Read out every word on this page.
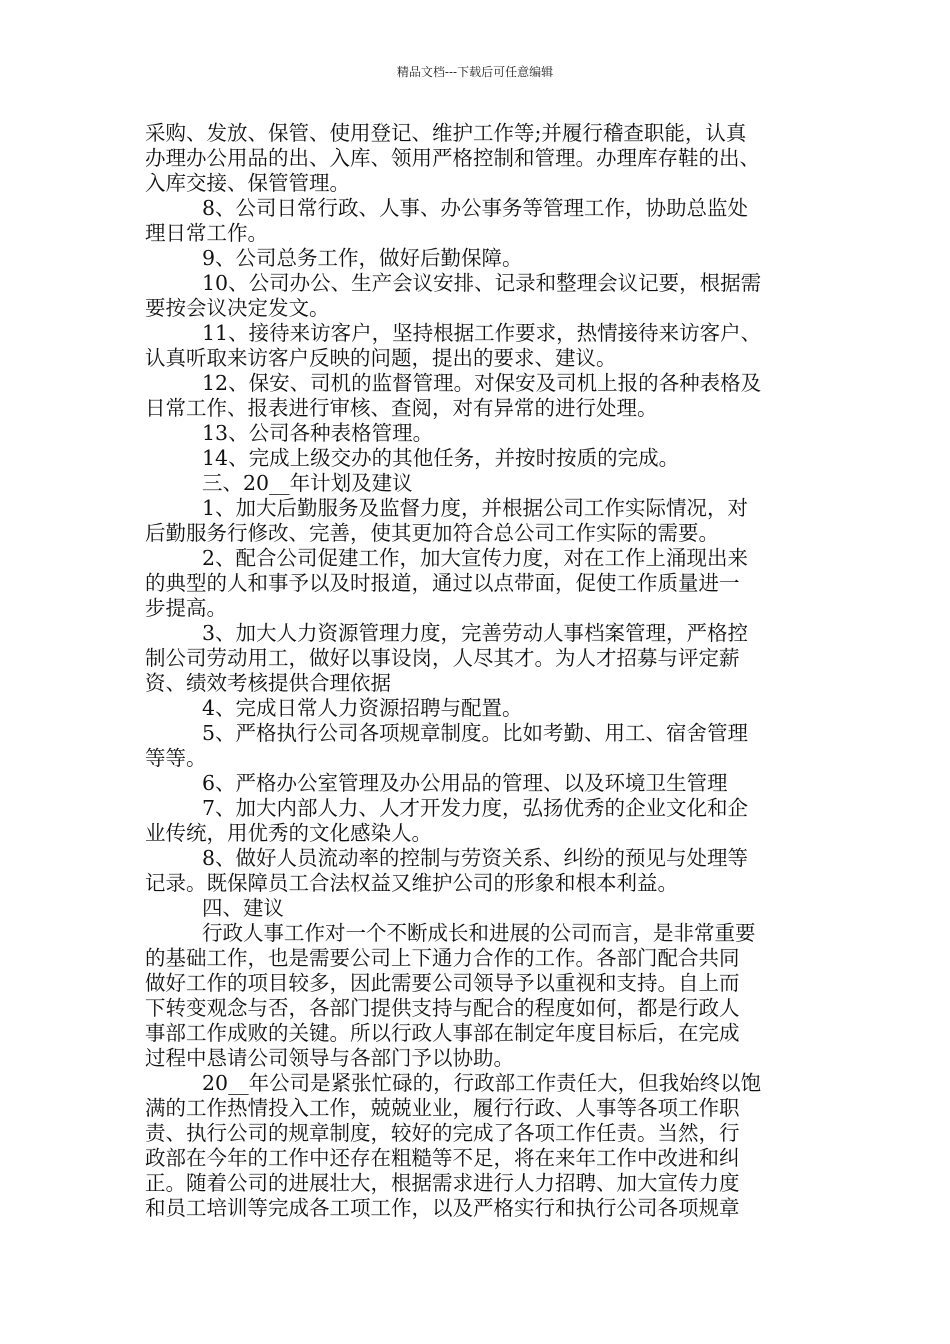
精品文档---下载后可任意编辑
采购、发放、保管、使用登记、维护工作等;并履行稽查职能，认真
办理办公用品的出、入库、领用严格控制和管理。办理库存鞋的出、
入库交接、保管管理。
8、公司日常行政、人事、办公事务等管理工作，协助总监处
理日常工作。
9、公司总务工作，做好后勤保障。
10、公司办公、生产会议安排、记录和整理会议记要，根据需
要按会议决定发文。
11、接待来访客户，坚持根据工作要求，热情接待来访客户、
认真听取来访客户反映的问题，提出的要求、建议。
12、保安、司机的监督管理。对保安及司机上报的各种表格及
日常工作、报表进行审核、查阅，对有异常的进行处理。
13、公司各种表格管理。
14、完成上级交办的其他任务，并按时按质的完成。
三、20__年计划及建议
1、加大后勤服务及监督力度，并根据公司工作实际情况，对
后勤服务行修改、完善，使其更加符合总公司工作实际的需要。
2、配合公司促建工作，加大宣传力度，对在工作上涌现出来
的典型的人和事予以及时报道，通过以点带面，促使工作质量进一
步提高。
3、加大人力资源管理力度，完善劳动人事档案管理，严格控
制公司劳动用工，做好以事设岗，人尽其才。为人才招募与评定薪
资、绩效考核提供合理依据
4、完成日常人力资源招聘与配置。
5、严格执行公司各项规章制度。比如考勤、用工、宿舍管理
等等。
6、严格办公室管理及办公用品的管理、以及环境卫生管理
7、加大内部人力、人才开发力度，弘扬优秀的企业文化和企
业传统，用优秀的文化感染人。
8、做好人员流动率的控制与劳资关系、纠纷的预见与处理等
记录。既保障员工合法权益又维护公司的形象和根本利益。
四、建议
行政人事工作对一个不断成长和进展的公司而言，是非常重要
的基础工作，也是需要公司上下通力合作的工作。各部门配合共同
做好工作的项目较多，因此需要公司领导予以重视和支持。自上而
下转变观念与否，各部门提供支持与配合的程度如何，都是行政人
事部工作成败的关键。所以行政人事部在制定年度目标后，在完成
过程中恳请公司领导与各部门予以协助。
20__年公司是紧张忙碌的，行政部工作责任大，但我始终以饱
满的工作热情投入工作，兢兢业业，履行行政、人事等各项工作职
责、执行公司的规章制度，较好的完成了各项工作任责。当然，行
政部在今年的工作中还存在粗糙等不足，将在来年工作中改进和纠
正。随着公司的进展壮大，根据需求进行人力招聘、加大宣传力度
和员工培训等完成各工项工作，以及严格实行和执行公司各项规章
